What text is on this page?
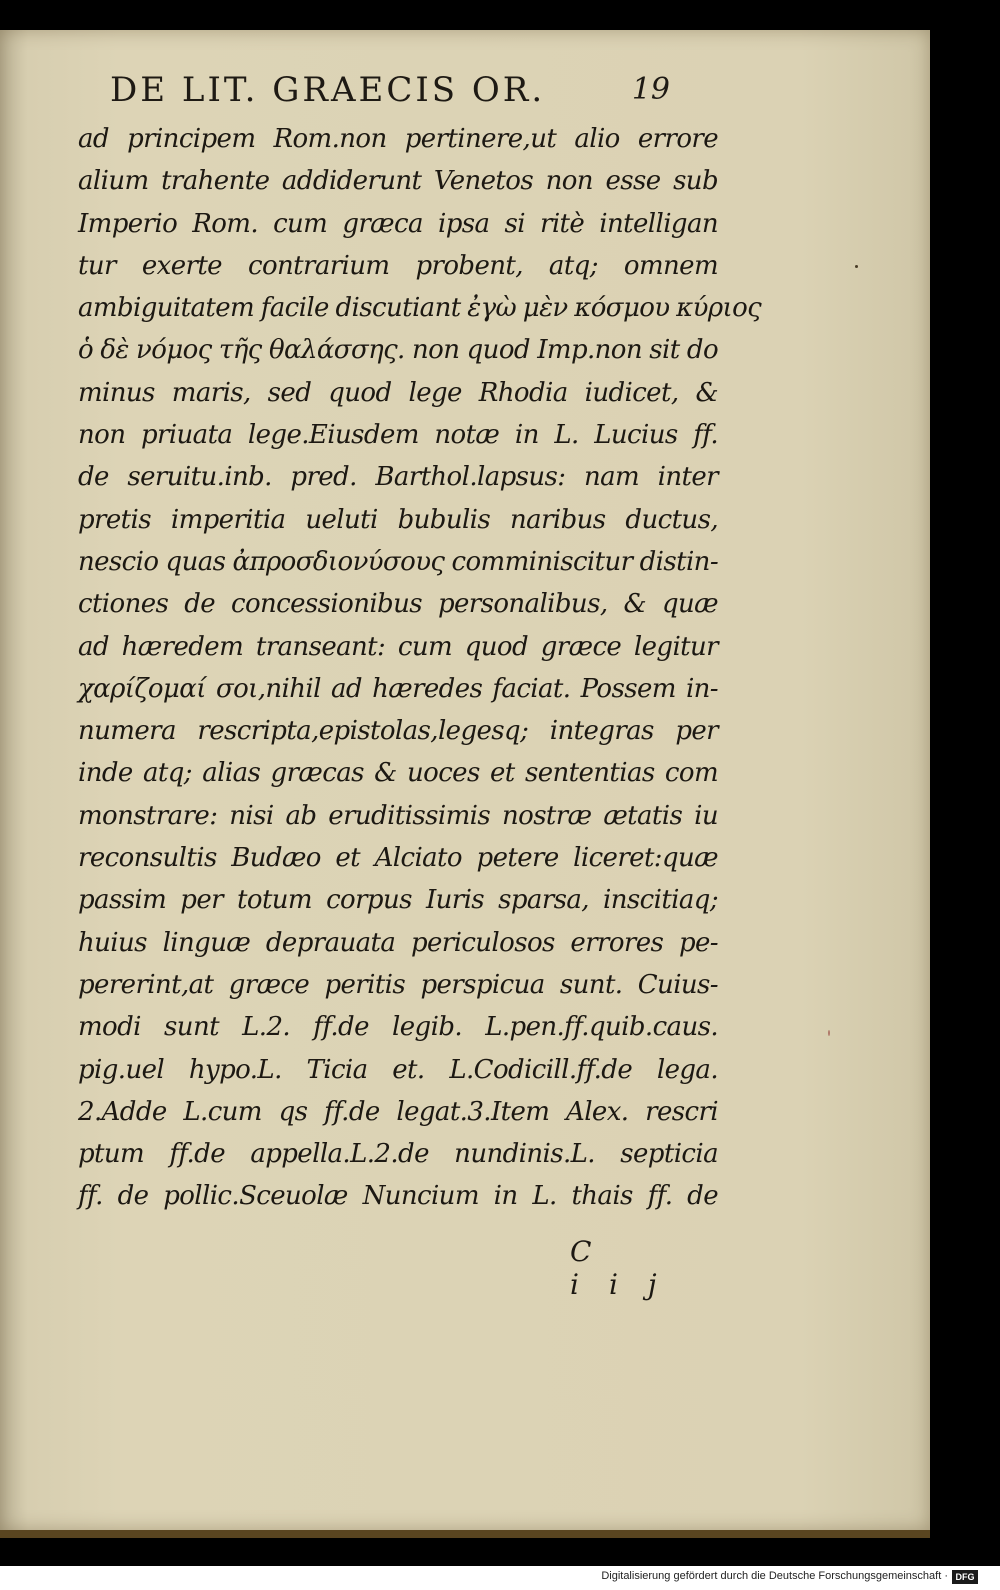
DE LIT. GRAECIS OR.	19
ad principem Rom.non pertinere,ut alio errore
alium trahente addiderunt Venetos non esse sub
Imperio Rom. cum græca ipsa si ritè intelligan
tur exerte contrarium probent, atq; omnem
ambiguitatem facile discutiant ἐγὼ μὲν κόσμου κύριος
ὁ δὲ νόμος τῆς θαλάσσης. non quod Imp.non sit do
minus maris, sed quod lege Rhodia iudicet, &
non priuata lege.Eiusdem notæ in L. Lucius ff.
de seruitu.inb. pred. Barthol.lapsus: nam inter
pretis imperitia ueluti bubulis naribus ductus,
nescio quas ἀπροσδιονύσους comminiscitur distin-
ctiones de concessionibus personalibus, & quæ
ad hæredem transeant: cum quod græce legitur
χαρίζομαί σοι,nihil ad hæredes faciat. Possem in-
numera rescripta,epistolas,legesq; integras per
inde atq; alias græcas & uoces et sententias com
monstrare: nisi ab eruditissimis nostræ ætatis iu
reconsultis Budæo et Alciato petere liceret:quæ
passim per totum corpus Iuris sparsa, inscitiaq;
huius linguæ deprauata periculosos errores pe-
pererint,at græce peritis perspicua sunt. Cuius-
modi sunt L.2. ff.de legib. L.pen.ff.quib.caus.
pig.uel hypo.L. Ticia et. L.Codicill.ff.de lega.
2.Adde L.cum qs ff.de legat.3.Item Alex. rescri
ptum ff.de appella.L.2.de nundinis.L. septicia
ff. de pollic.Sceuolæ Nuncium in L. thais ff. de
C iij
Digitalisierung gefördert durch die Deutsche Forschungsgemeinschaft · DFG
